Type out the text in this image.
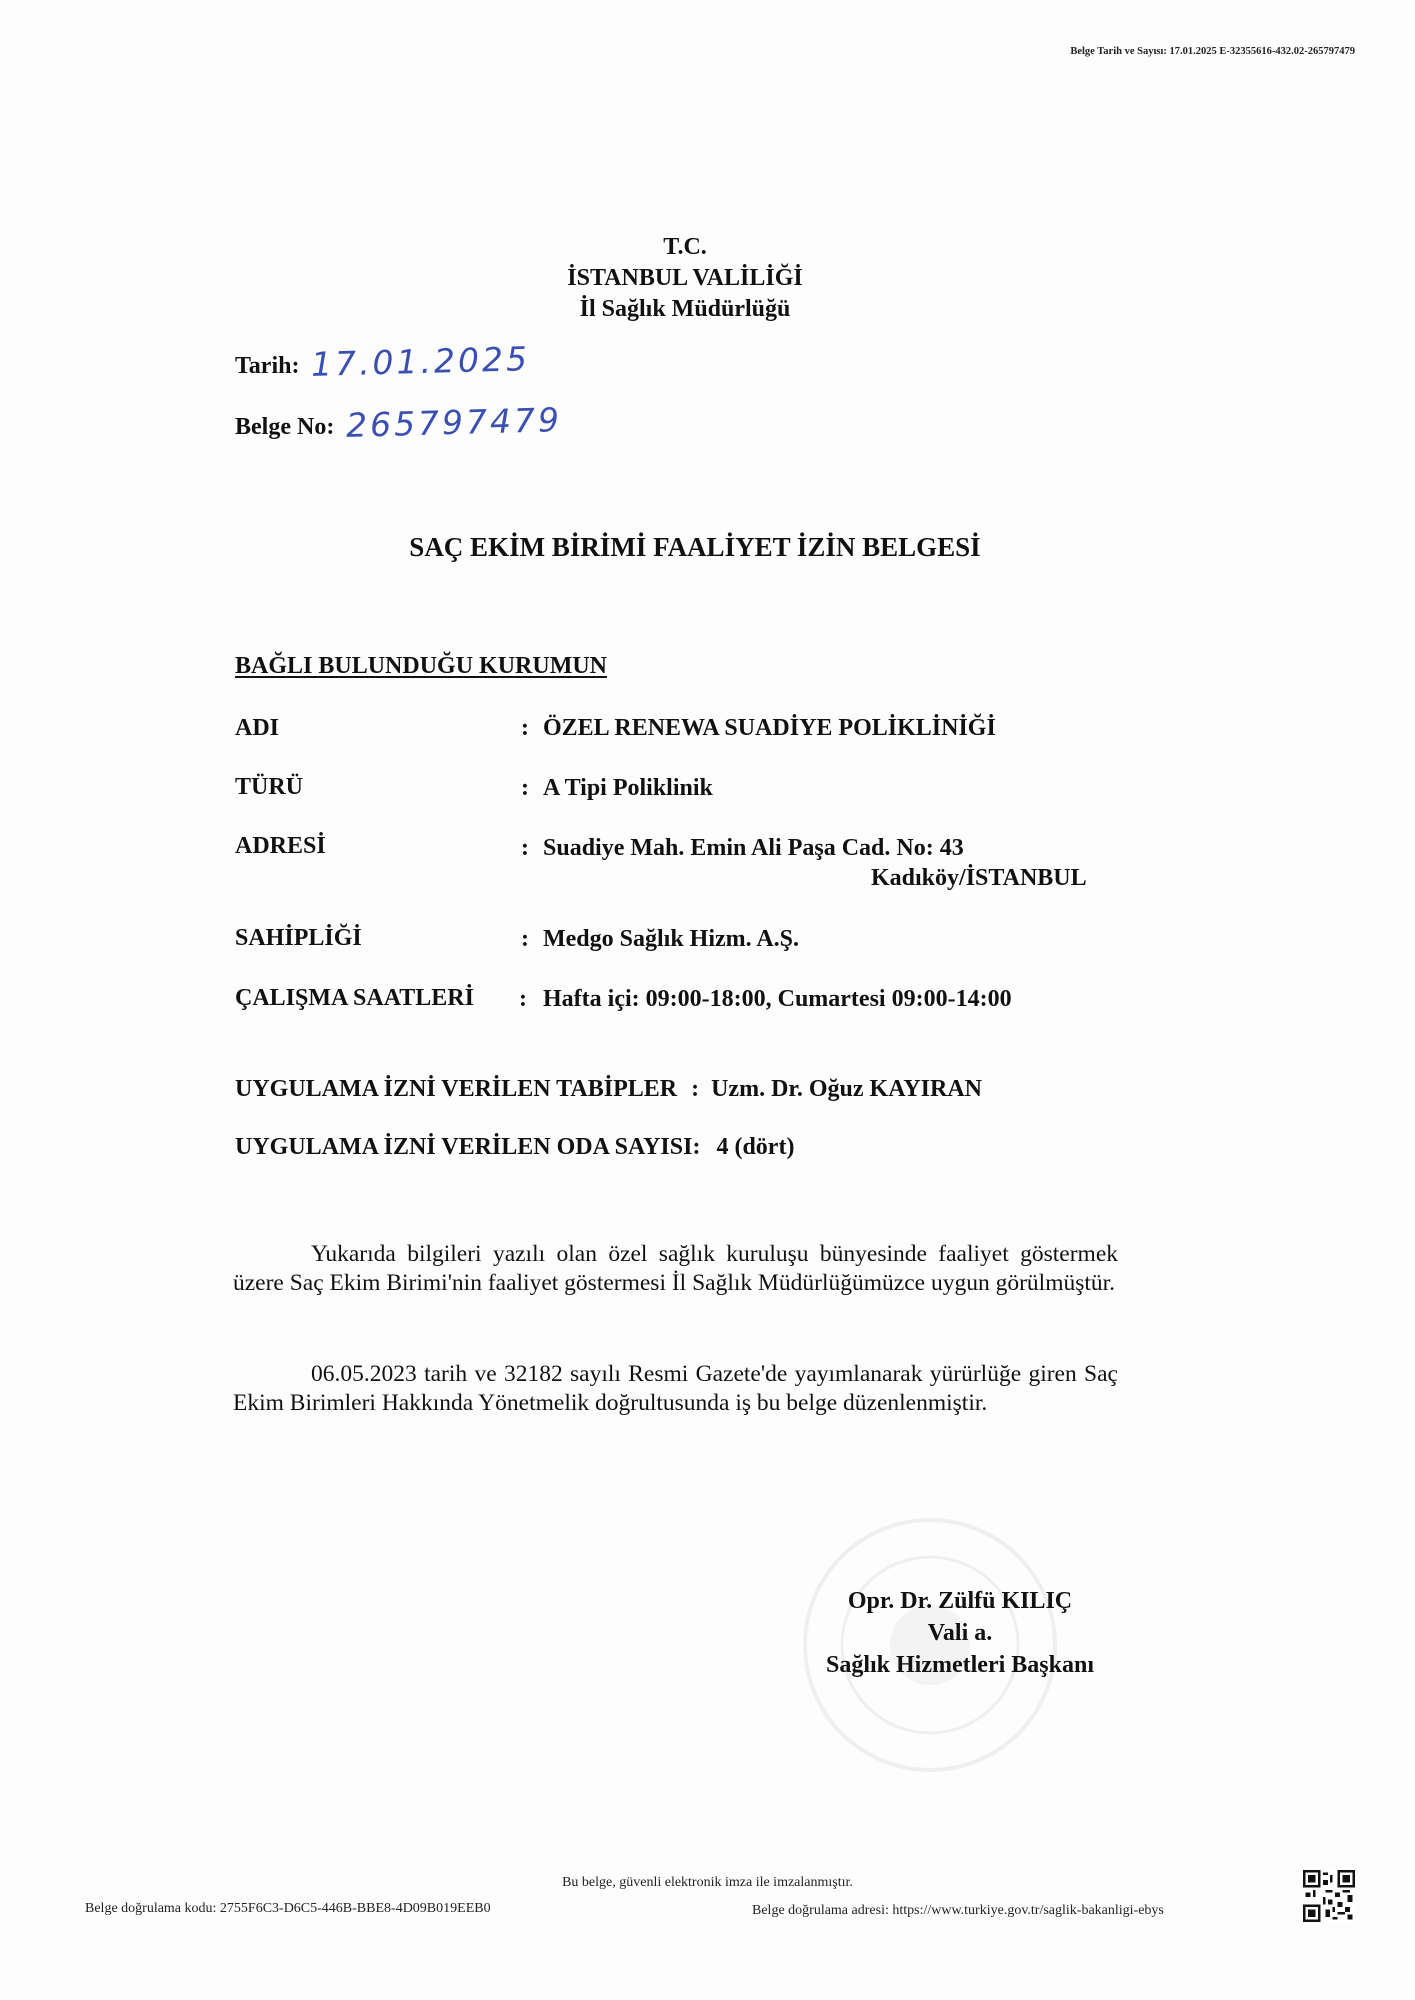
Belge Tarih ve Sayısı: 17.01.2025 E-32355616-432.02-265797479
T.C.
İSTANBUL VALİLİĞİ
İl Sağlık Müdürlüğü
Tarih: 17.01.2025
Belge No: 265797479
SAÇ EKİM BİRİMİ FAALİYET İZİN BELGESİ
BAĞLI BULUNDUĞU KURUMUN
ADI	: ÖZEL RENEWA SUADİYE POLİKLİNİĞİ
TÜRÜ	: A Tipi Poliklinik
ADRESİ	: Suadiye Mah. Emin Ali Paşa Cad. No: 43
Kadıköy/İSTANBUL
SAHİPLİĞİ	: Medgo Sağlık Hizm. A.Ş.
ÇALIŞMA SAATLERİ : Hafta içi: 09:00-18:00, Cumartesi 09:00-14:00
UYGULAMA İZNİ VERİLEN TABİPLER : Uzm. Dr. Oğuz KAYIRAN
UYGULAMA İZNİ VERİLEN ODA SAYISI: 4 (dört)

Yukarıda bilgileri yazılı olan özel sağlık kuruluşu bünyesinde faaliyet göstermek üzere Saç Ekim Birimi'nin faaliyet göstermesi İl Sağlık Müdürlüğümüzce uygun görülmüştür.

06.05.2023 tarih ve 32182 sayılı Resmi Gazete'de yayımlanarak yürürlüğe giren Saç Ekim Birimleri Hakkında Yönetmelik doğrultusunda iş bu belge düzenlenmiştir.

Opr. Dr. Zülfü KILIÇ
Vali a.
Sağlık Hizmetleri Başkanı
Bu belge, güvenli elektronik imza ile imzalanmıştır.
Belge doğrulama kodu: 2755F6C3-D6C5-446B-BBE8-4D09B019EEB0	Belge doğrulama adresi: https://www.turkiye.gov.tr/saglik-bakanligi-ebys
